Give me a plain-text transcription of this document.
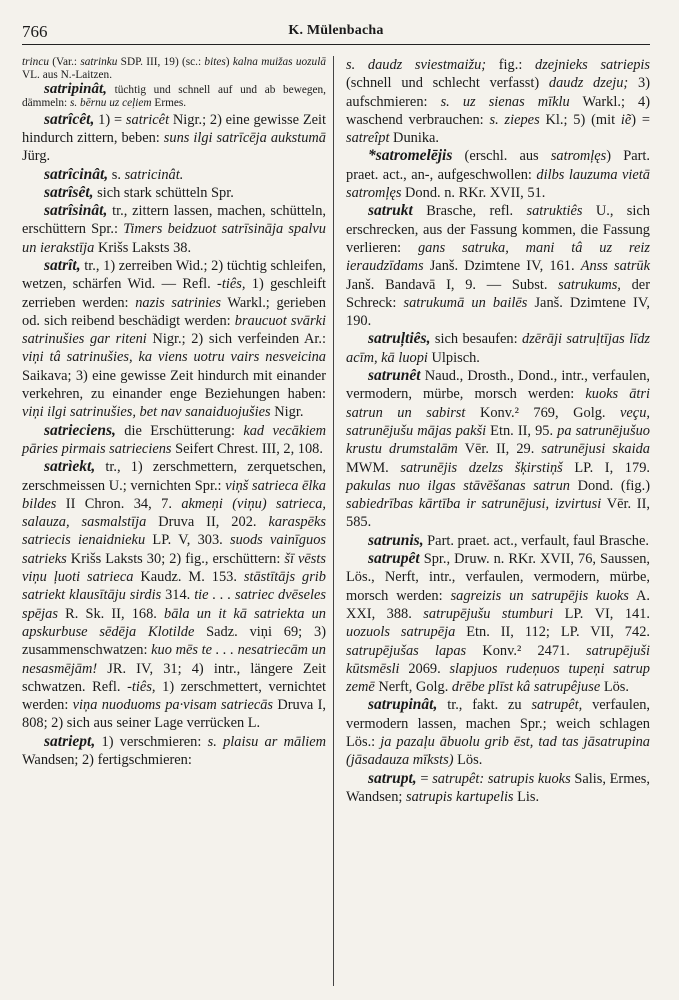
766	K. Mülenbacha

trincu (Var.: satrinku SDP. III, 19) (sc.: bites) kalna muižas uozulā VL. aus N.-Laitzen.

satripinât, tüchtig und schnell auf und ab bewegen, dämmeln: s. bērnu uz ceļiem Ermes.

satrîcêt, 1) = satricêt Nigr.; 2) eine gewisse Zeit hindurch zittern, beben: suns ilgi satrīcēja aukstumā Jürg.

satrîcinât, s. satricinât.

satrîsêt, sich stark schütteln Spr.

satrîsinât, tr., zittern lassen, machen, schütteln, erschüttern Spr.: Timers beidzuot satrīsināja spalvu un ierakstīja Krišs Laksts 38.

satrît, tr., 1) zerreiben Wid.; 2) tüchtig schleifen, wetzen, schärfen Wid. — Refl. -tiês, 1) geschleift zerrieben werden: nazis satrinies Warkl.; gerieben od. sich reibend beschädigt werden: braucuot svārki satrinušies gar riteni Nigr.; 2) sich verfeinden Ar.: viņi tâ satrinušies, ka viens uotru vairs nesveicina Saikava; 3) eine gewisse Zeit hindurch mit einander verkehren, zu einander enge Beziehungen haben: viņi ilgi satrinušies, bet nav sanaiduojušies Nigr.

satrieciens, die Erschütterung: kad vecākiem pāries pirmais satrieciens Seifert Chrest. III, 2, 108.

satrìekt, tr., 1) zerschmettern, zerquetschen, zerschmeissen U.; vernichten Spr.: viņš satrieca ēlka bildes II Chron. 34, 7. akmeņi (viņu) satrieca, salauza, sasmalstīja Druva II, 202. karaspēks satriecis ienaidnieku LP. V, 303. suods vainīguos satrieks Krišs Laksts 30; 2) fig., erschüttern: šī vēsts viņu ļuoti satrieca Kaudz. M. 153. stāstītājs grib satriekt klausītāju sirdis 314. tie . . . satriec dvēseles spējas R. Sk. II, 168. bāla un it kā satriekta un apskurbuse sēdēja Klotilde Sadz. viņi 69; 3) zusammenschwatzen: kuo mēs te . . . nesatriecām un nesasmējām! JR. IV, 31; 4) intr., längere Zeit schwatzen. Refl. -tiês, 1) zerschmettert, vernichtet werden: viņa nuoduoms pa·visam satriecās Druva I, 808; 2) sich aus seiner Lage verrücken L.

satriept, 1) verschmieren: s. plaisu ar māliem Wandsen; 2) fertigschmieren:

s. daudz sviestmaižu; fig.: dzejnieks satriepis (schnell und schlecht verfasst) daudz dzeju; 3) aufschmieren: s. uz sienas mīklu Warkl.; 4) waschend verbrauchen: s. ziepes Kl.; 5) (mit iẽ) = satreîpt Dunika.

*satromelējis (erschl. aus satromļęs) Part. praet. act., an-, aufgeschwollen: dilbs lauzuma vietā satromļęs Dond. n. RKr. XVII, 51.

satrukt Brasche, refl. satruktiês U., sich erschrecken, aus der Fassung kommen, die Fassung verlieren: gans satruka, mani tâ uz reiz ieraudzīdams Janš. Dzimtene IV, 161. Anss satrūk Janš. Bandavā I, 9. — Subst. satrukums, der Schreck: satrukumā un bailēs Janš. Dzimtene IV, 190.

satruļtiês, sich besaufen: dzērāji satruļtījas līdz acīm, kā luopi Ulpisch.

satrunêt Naud., Drosth., Dond., intr., verfaulen, vermodern, mürbe, morsch werden: kuoks ātri satrun un sabirst Konv.² 769, Golg. veçu, satrunējušu mājas pakši Etn. II, 95. pa satrunējušuo krustu drumstalām Vēr. II, 29. satrunējusi skaida MWM. satrunējis dzelzs šķirstiņš LP. I, 179. pakulas nuo ilgas stāvēšanas satrun Dond. (fig.) sabiedrības kārtība ir satrunējusi, izvirtusi Vēr. II, 585.

satrunis, Part. praet. act., verfault, faul Brasche.

satrupêt Spr., Druw. n. RKr. XVII, 76, Saussen, Lös., Nerft, intr., verfaulen, vermodern, mürbe, morsch werden: sagreizis un satrupējis kuoks A. XXI, 388. satrupējušu stumburi LP. VI, 141. uozuols satrupēja Etn. II, 112; LP. VII, 742. satrupējušas lapas Konv.² 2471. satrupējuši kūtsmēsli 2069. slapjuos rudeņuos tupeņi satrup zemē Nerft, Golg. drēbe plīst kâ satrupêjuse Lös.

satrupinât, tr., fakt. zu satrupêt, verfaulen, vermodern lassen, machen Spr.; weich schlagen Lös.: ja pazaļu ābuolu grib ēst, tad tas jāsatrupina (jāsadauza mīksts) Lös.

satrupt, = satrupêt: satrupis kuoks Salis, Ermes, Wandsen; satrupis kartupelis Lis.
